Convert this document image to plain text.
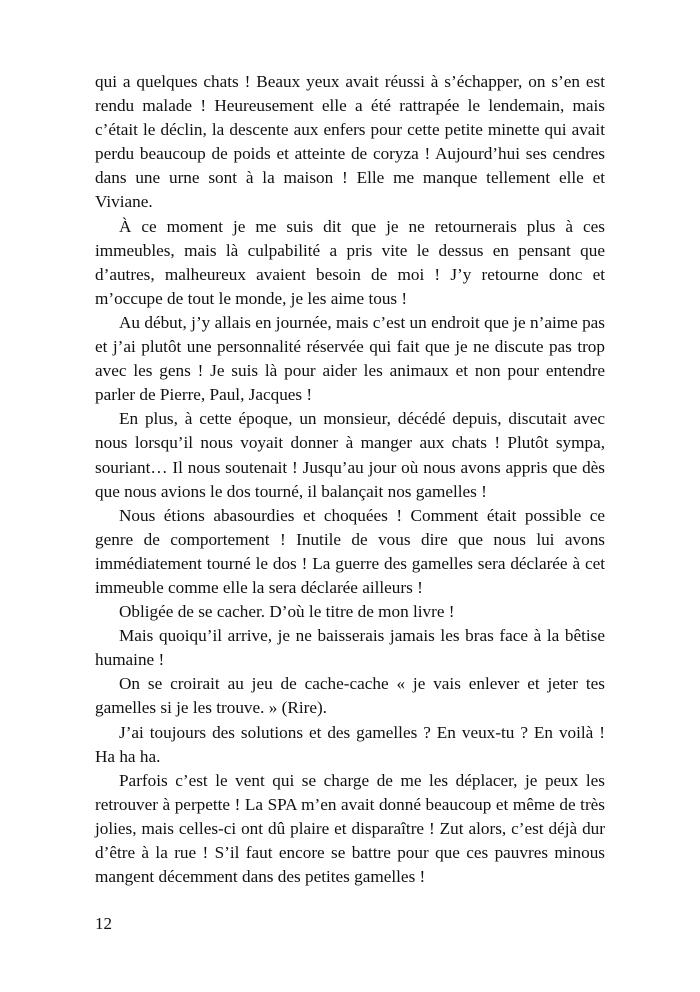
qui a quelques chats ! Beaux yeux avait réussi à s’échapper, on s’en est rendu malade ! Heureusement elle a été rattrapée le lendemain, mais c’était le déclin, la descente aux enfers pour cette petite minette qui avait perdu beaucoup de poids et atteinte de coryza ! Aujourd’hui ses cendres dans une urne sont à la maison ! Elle me manque tellement elle et Viviane.

À ce moment je me suis dit que je ne retournerais plus à ces immeubles, mais là culpabilité a pris vite le dessus en pensant que d’autres, malheureux avaient besoin de moi ! J’y retourne donc et m’occupe de tout le monde, je les aime tous !

Au début, j’y allais en journée, mais c’est un endroit que je n’aime pas et j’ai plutôt une personnalité réservée qui fait que je ne discute pas trop avec les gens ! Je suis là pour aider les animaux et non pour entendre parler de Pierre, Paul, Jacques !

En plus, à cette époque, un monsieur, décédé depuis, discutait avec nous lorsqu’il nous voyait donner à manger aux chats ! Plutôt sympa, souriant… Il nous soutenait ! Jusqu’au jour où nous avons appris que dès que nous avions le dos tourné, il balançait nos gamelles !

Nous étions abasourdies et choquées ! Comment était possible ce genre de comportement ! Inutile de vous dire que nous lui avons immédiatement tourné le dos ! La guerre des gamelles sera déclarée à cet immeuble comme elle la sera déclarée ailleurs !

Obligée de se cacher. D’où le titre de mon livre !

Mais quoiqu’il arrive, je ne baisserais jamais les bras face à la bêtise humaine !

On se croirait au jeu de cache-cache « je vais enlever et jeter tes gamelles si je les trouve. » (Rire).

J’ai toujours des solutions et des gamelles ? En veux-tu ? En voilà ! Ha ha ha.

Parfois c’est le vent qui se charge de me les déplacer, je peux les retrouver à perpette ! La SPA m’en avait donné beaucoup et même de très jolies, mais celles-ci ont dû plaire et disparaître ! Zut alors, c’est déjà dur d’être à la rue ! S’il faut encore se battre pour que ces pauvres minous mangent décemment dans des petites gamelles !

12
